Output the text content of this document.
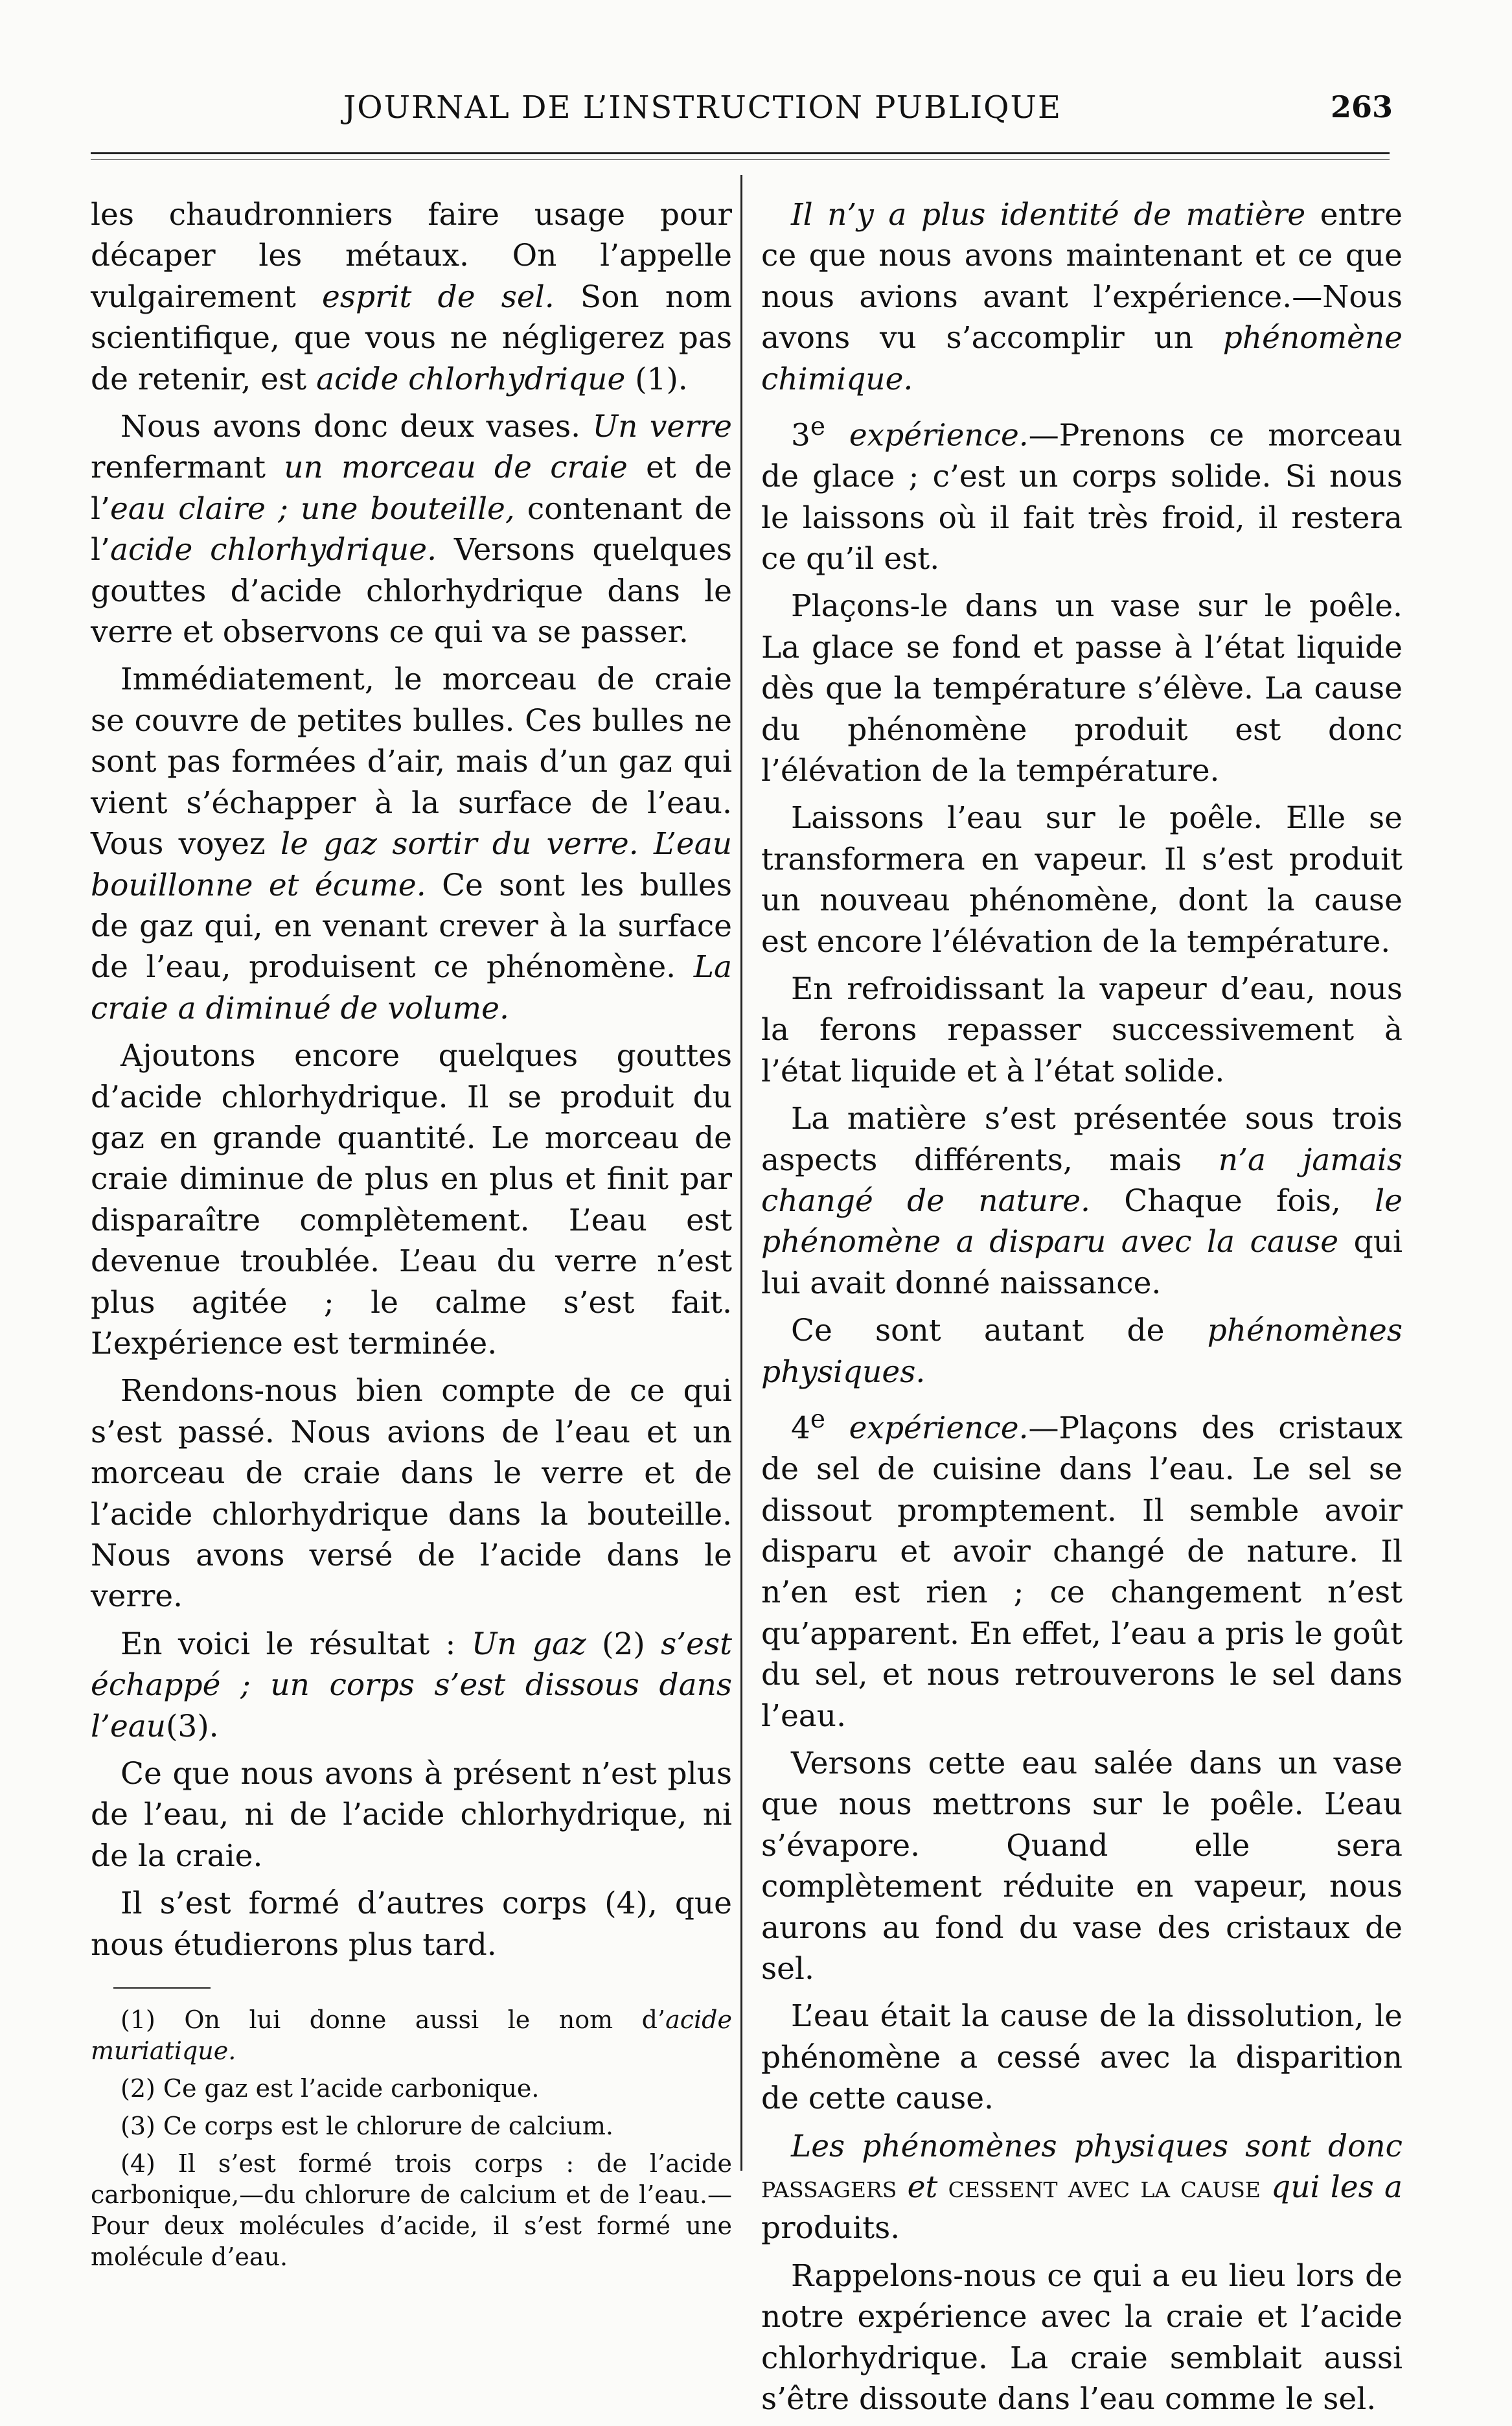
JOURNAL DE L’INSTRUCTION PUBLIQUE	263

les chaudronniers faire usage pour décaper les métaux. On l’appelle vulgairement esprit de sel. Son nom scientifique, que vous ne négligerez pas de retenir, est acide chlorhydrique (1).

Nous avons donc deux vases. Un verre renfermant un morceau de craie et de l’eau claire ; une bouteille, contenant de l’acide chlorhydrique. Versons quelques gouttes d’acide chlorhydrique dans le verre et observons ce qui va se passer.

Immédiatement, le morceau de craie se couvre de petites bulles. Ces bulles ne sont pas formées d’air, mais d’un gaz qui vient s’échapper à la surface de l’eau. Vous voyez le gaz sortir du verre. L’eau bouillonne et écume. Ce sont les bulles de gaz qui, en venant crever à la surface de l’eau, produisent ce phénomène. La craie a diminué de volume.

Ajoutons encore quelques gouttes d’acide chlorhydrique. Il se produit du gaz en grande quantité. Le morceau de craie diminue de plus en plus et finit par disparaître complètement. L’eau est devenue troublée. L’eau du verre n’est plus agitée ; le calme s’est fait. L’expérience est terminée.

Rendons-nous bien compte de ce qui s’est passé. Nous avions de l’eau et un morceau de craie dans le verre et de l’acide chlorhydrique dans la bouteille. Nous avons versé de l’acide dans le verre.

En voici le résultat : Un gaz (2) s’est échappé ; un corps s’est dissous dans l’eau(3).

Ce que nous avons à présent n’est plus de l’eau, ni de l’acide chlorhydrique, ni de la craie.

Il s’est formé d’autres corps (4), que nous étudierons plus tard.

(1) On lui donne aussi le nom d’acide muriatique.

(2) Ce gaz est l’acide carbonique.

(3) Ce corps est le chlorure de calcium.

(4) Il s’est formé trois corps : de l’acide carbonique,—du chlorure de calcium et de l’eau.—Pour deux molécules d’acide, il s’est formé une molécule d’eau.

Il n’y a plus identité de matière entre ce que nous avons maintenant et ce que nous avions avant l’expérience.—Nous avons vu s’accomplir un phénomène chimique.

3e expérience.—Prenons ce morceau de glace ; c’est un corps solide. Si nous le laissons où il fait très froid, il restera ce qu’il est.

Plaçons-le dans un vase sur le poêle. La glace se fond et passe à l’état liquide dès que la température s’élève. La cause du phénomène produit est donc l’élévation de la température.

Laissons l’eau sur le poêle. Elle se transformera en vapeur. Il s’est produit un nouveau phénomène, dont la cause est encore l’élévation de la température.

En refroidissant la vapeur d’eau, nous la ferons repasser successivement à l’état liquide et à l’état solide.

La matière s’est présentée sous trois aspects différents, mais n’a jamais changé de nature. Chaque fois, le phénomène a disparu avec la cause qui lui avait donné naissance.

Ce sont autant de phénomènes physiques.

4e expérience.—Plaçons des cristaux de sel de cuisine dans l’eau. Le sel se dissout promptement. Il semble avoir disparu et avoir changé de nature. Il n’en est rien ; ce changement n’est qu’apparent. En effet, l’eau a pris le goût du sel, et nous retrouverons le sel dans l’eau.

Versons cette eau salée dans un vase que nous mettrons sur le poêle. L’eau s’évapore. Quand elle sera complètement réduite en vapeur, nous aurons au fond du vase des cristaux de sel.

L’eau était la cause de la dissolution, le phénomène a cessé avec la disparition de cette cause.

Les phénomènes physiques sont donc passagers et cessent avec la cause qui les a produits.

Rappelons-nous ce qui a eu lieu lors de notre expérience avec la craie et l’acide chlorhydrique. La craie semblait aussi s’être dissoute dans l’eau comme le sel.
